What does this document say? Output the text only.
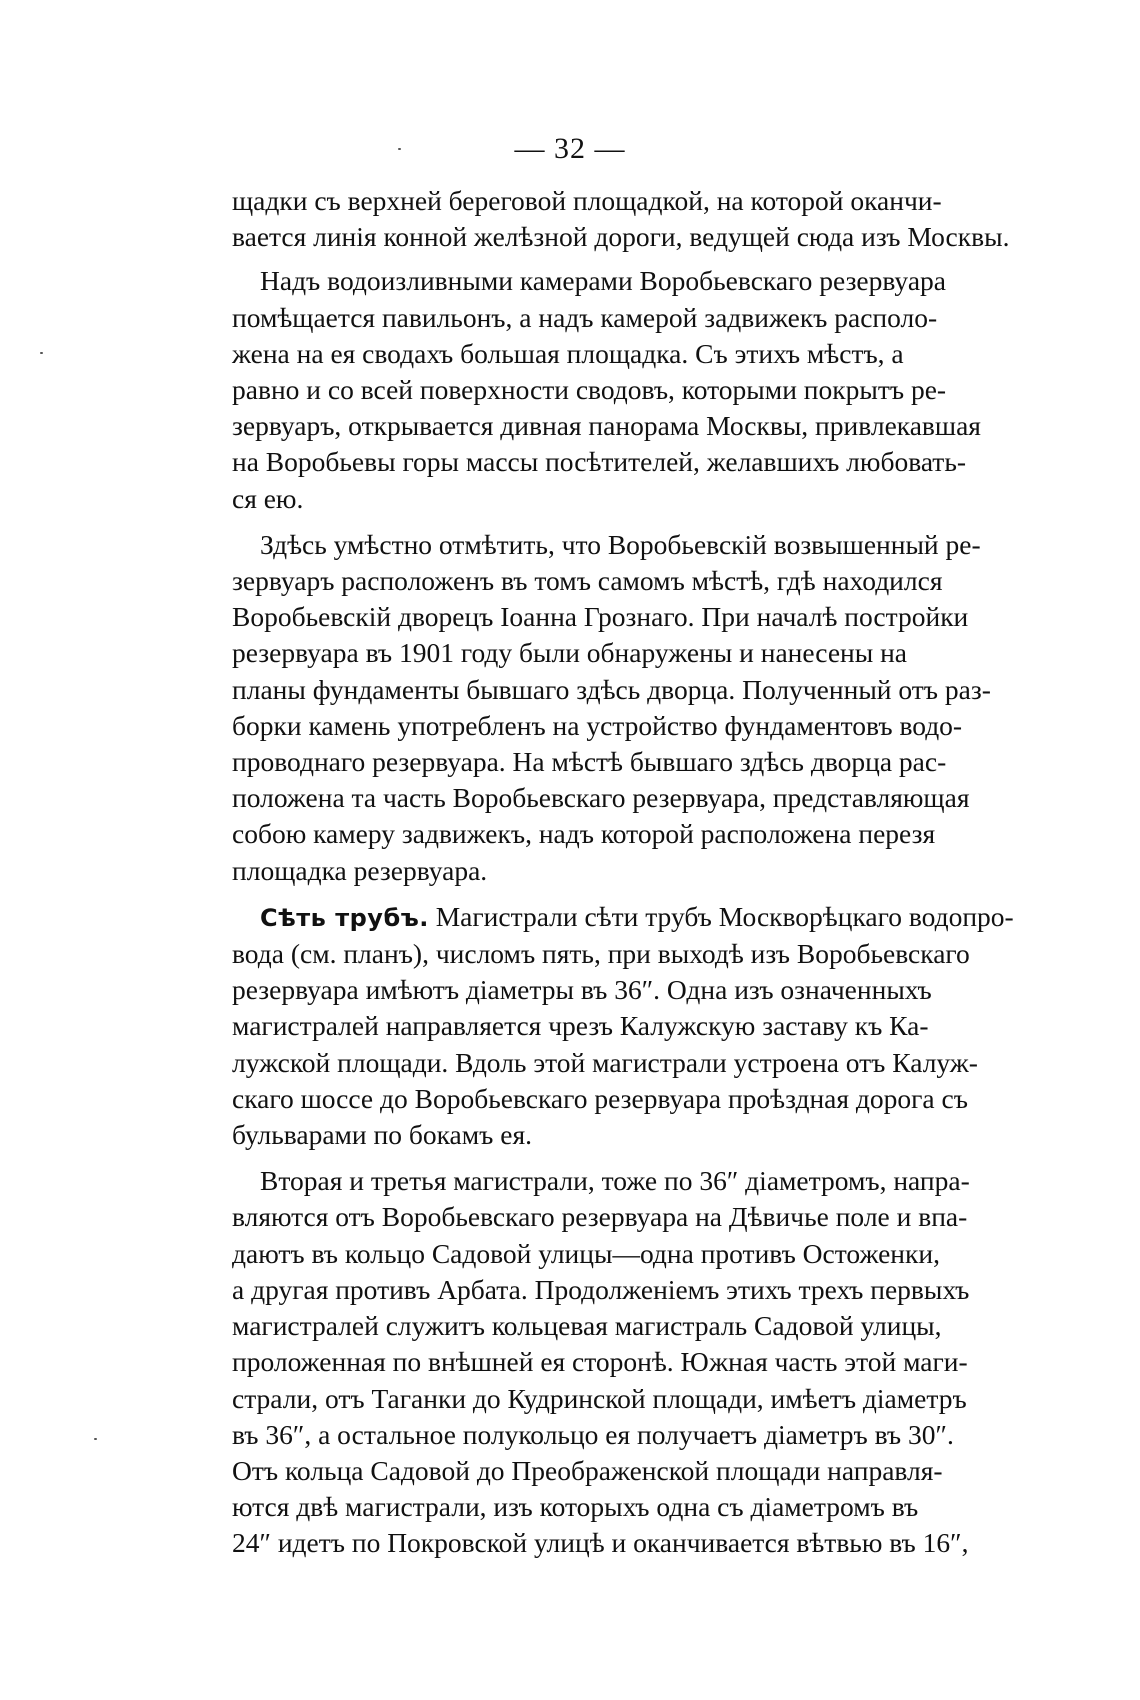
— 32 —

щадки съ верхней береговой площадкой, на которой оканчи-
вается линія конной желѣзной дороги, ведущей сюда изъ Москвы.

Надъ водоизливными камерами Воробьевскаго резервуара
помѣщается павильонъ, а надъ камерой задвижекъ располо-
жена на ея сводахъ большая площадка. Съ этихъ мѣстъ, а
равно и со всей поверхности сводовъ, которыми покрытъ ре-
зервуаръ, открывается дивная панорама Москвы, привлекавшая
на Воробьевы горы массы посѣтителей, желавшихъ любовать-
ся ею.

Здѣсь умѣстно отмѣтить, что Воробьевскій возвышенный ре-
зервуаръ расположенъ въ томъ самомъ мѣстѣ, гдѣ находился
Воробьевскій дворецъ Іоанна Грознаго. При началѣ постройки
резервуара въ 1901 году были обнаружены и нанесены на
планы фундаменты бывшаго здѣсь дворца. Полученный отъ раз-
борки камень употребленъ на устройство фундаментовъ водо-
проводнаго резервуара. На мѣстѣ бывшаго здѣсь дворца рас-
положена та часть Воробьевскаго резервуара, представляющая
собою камеру задвижекъ, надъ которой расположена перезя
площадка резервуара.

Сѣть трубъ. Магистрали сѣти трубъ Москворѣцкаго водопро-
вода (см. планъ), числомъ пять, при выходѣ изъ Воробьевскаго
резервуара имѣютъ діаметры въ 36″. Одна изъ означенныхъ
магистралей направляется чрезъ Калужскую заставу къ Ка-
лужской площади. Вдоль этой магистрали устроена отъ Калуж-
скаго шоссе до Воробьевскаго резервуара проѣздная дорога съ
бульварами по бокамъ ея.

Вторая и третья магистрали, тоже по 36″ діаметромъ, напра-
вляются отъ Воробьевскаго резервуара на Дѣвичье поле и впа-
даютъ въ кольцо Садовой улицы—одна противъ Остоженки,
а другая противъ Арбата. Продолженіемъ этихъ трехъ первыхъ
магистралей служитъ кольцевая магистраль Садовой улицы,
проложенная по внѣшней ея сторонѣ. Южная часть этой маги-
страли, отъ Таганки до Кудринской площади, имѣетъ діаметръ
въ 36″, а остальное полукольцо ея получаетъ діаметръ въ 30″.
Отъ кольца Садовой до Преображенской площади направля-
ются двѣ магистрали, изъ которыхъ одна съ діаметромъ въ
24″ идетъ по Покровской улицѣ и оканчивается вѣтвью въ 16″,
